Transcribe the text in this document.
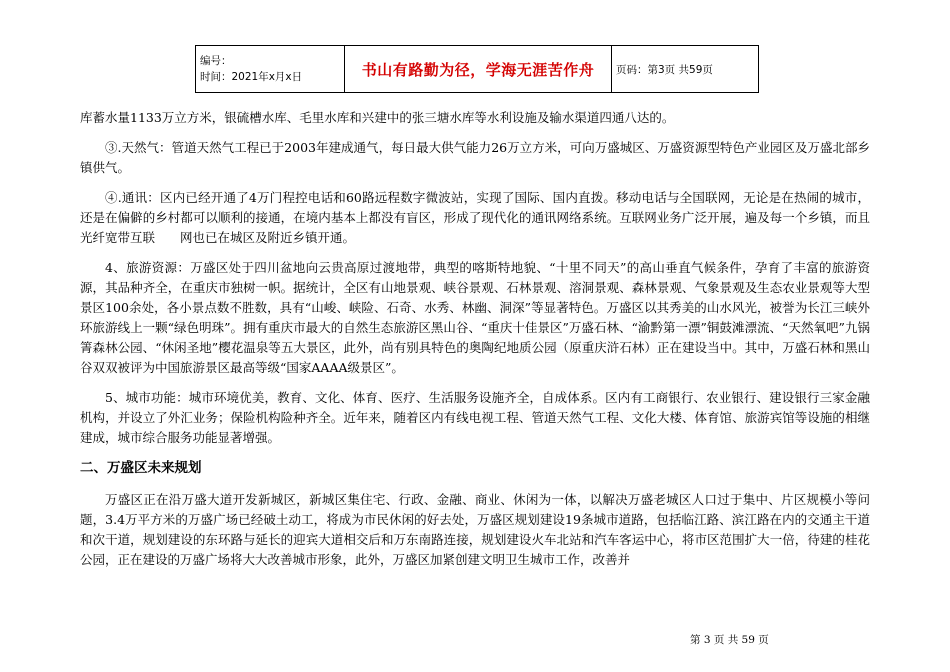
编号：
时间：2021年x月x日	书山有路勤为径，学海无涯苦作舟	页码：第3页 共59页

库蓄水量1133万立方米，银硫槽水库、毛里水库和兴建中的张三塘水库等水利设施及输水渠道四通八达的。

③.天然气：管道天然气工程已于2003年建成通气，每日最大供气能力26万立方米，可向万盛城区、万盛资源型特色产业园区及万盛北部乡镇供气。

④.通讯：区内已经开通了4万门程控电话和60路远程数字微波站，实现了国际、国内直拨。移动电话与全国联网，无论是在热闹的城市，还是在偏僻的乡村都可以顺利的接通，在境内基本上都没有盲区，形成了现代化的通讯网络系统。互联网业务广泛开展，遍及每一个乡镇，而且光纤宽带互联　　网也已在城区及附近乡镇开通。

4、旅游资源：万盛区处于四川盆地向云贵高原过渡地带，典型的喀斯特地貌、“十里不同天”的高山垂直气候条件，孕育了丰富的旅游资源，其品种齐全，在重庆市独树一帜。据统计，全区有山地景观、峡谷景观、石林景观、溶洞景观、森林景观、气象景观及生态农业景观等大型景区100余处，各小景点数不胜数，具有“山峻、峡险、石奇、水秀、林幽、洞深”等显著特色。万盛区以其秀美的山水风光，被誉为长江三峡外环旅游线上一颗“绿色明珠”。拥有重庆市最大的自然生态旅游区黑山谷、“重庆十佳景区”万盛石林、“渝黔第一漂”铜鼓滩漂流、“天然氧吧”九锅箐森林公园、“休闲圣地”樱花温泉等五大景区，此外，尚有别具特色的奥陶纪地质公园（原重庆浒石林）正在建设当中。其中，万盛石林和黑山谷双双被评为中国旅游景区最高等级“国家AAAA级景区”。

5、城市功能：城市环境优美，教育、文化、体育、医疗、生活服务设施齐全，自成体系。区内有工商银行、农业银行、建设银行三家金融机构，并设立了外汇业务；保险机构险种齐全。近年来，随着区内有线电视工程、管道天然气工程、文化大楼、体育馆、旅游宾馆等设施的相继建成，城市综合服务功能显著增强。

二、万盛区未来规划

万盛区正在沿万盛大道开发新城区，新城区集住宅、行政、金融、商业、休闲为一体，以解决万盛老城区人口过于集中、片区规模小等问题，3.4万平方米的万盛广场已经破土动工，将成为市民休闲的好去处，万盛区规划建设19条城市道路，包括临江路、滨江路在内的交通主干道和次干道，规划建设的东环路与延长的迎宾大道相交后和万东南路连接，规划建设火车北站和汽车客运中心，将市区范围扩大一倍，待建的桂花公园，正在建设的万盛广场将大大改善城市形象，此外，万盛区加紧创建文明卫生城市工作，改善并

第 3 页 共 59 页
